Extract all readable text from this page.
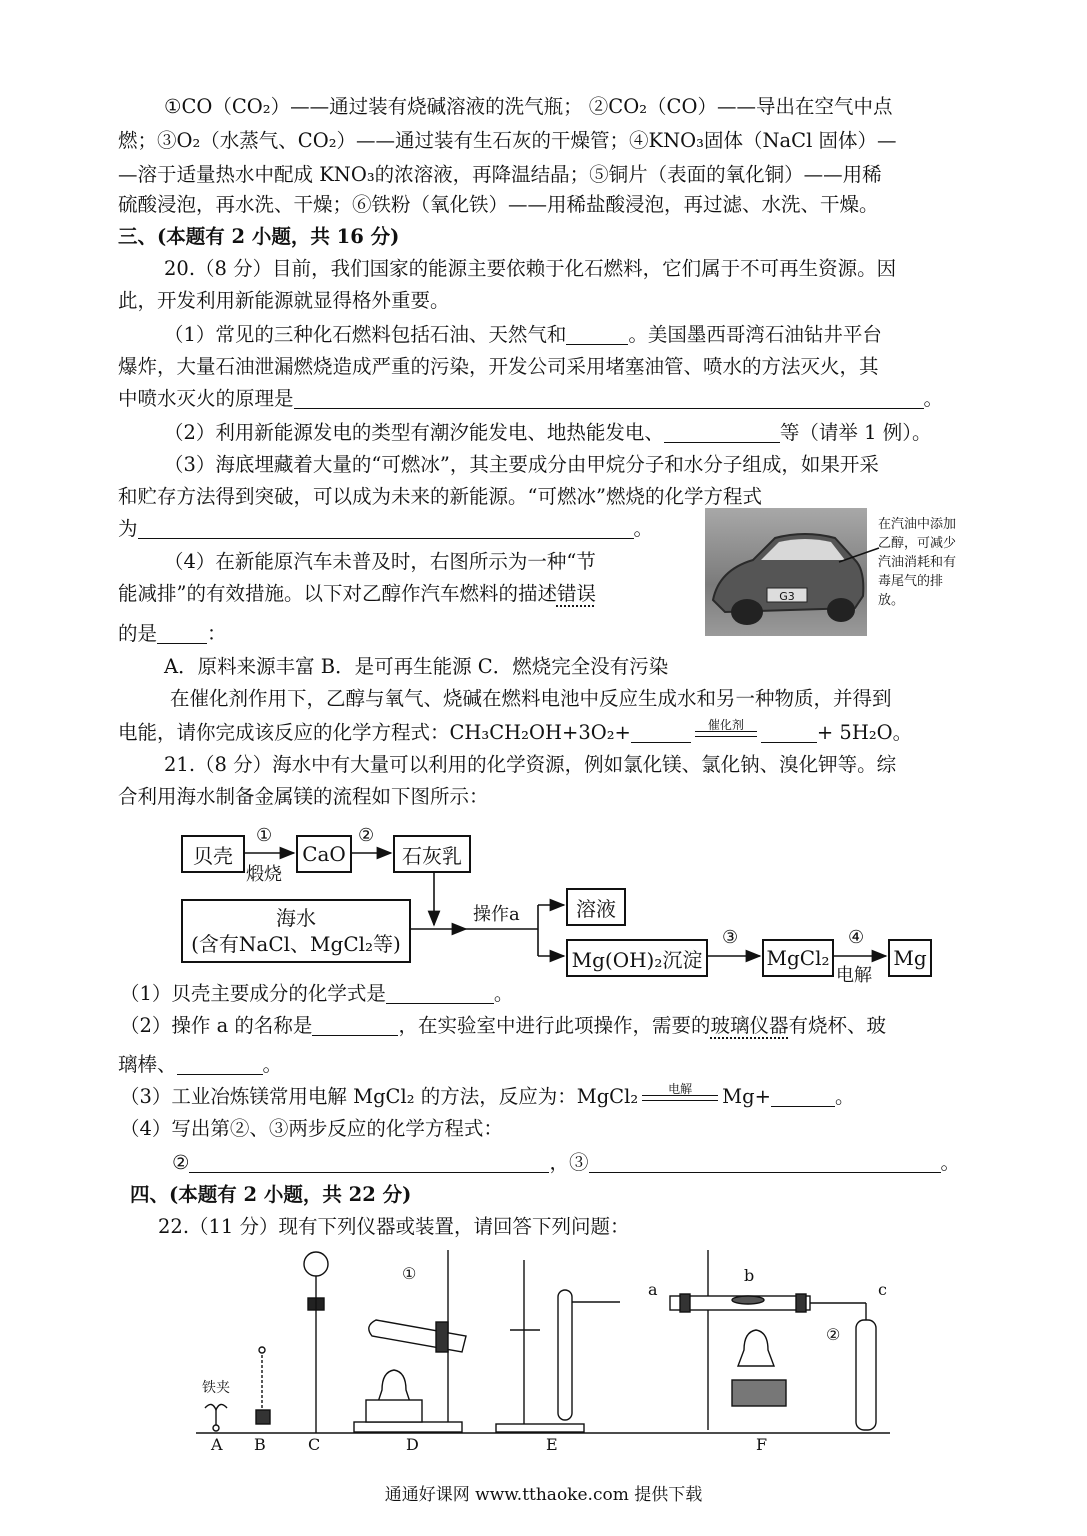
①CO（CO₂）——通过装有烧碱溶液的洗气瓶； ②CO₂（CO）——导出在空气中点
燃；③O₂（水蒸气、CO₂）——通过装有生石灰的干燥管；④KNO₃固体（NaCl 固体）—
—溶于适量热水中配成 KNO₃的浓溶液，再降温结晶；⑤铜片（表面的氧化铜）——用稀
硫酸浸泡，再水洗、干燥；⑥铁粉（氧化铁）——用稀盐酸浸泡，再过滤、水洗、干燥。
三、(本题有 2 小题，共 16 分)
20.（8 分）目前，我们国家的能源主要依赖于化石燃料，它们属于不可再生资源。因
此，开发利用新能源就显得格外重要。
（1）常见的三种化石燃料包括石油、天然气和	。美国墨西哥湾石油钻井平台
爆炸，大量石油泄漏燃烧造成严重的污染，开发公司采用堵塞油管、喷水的方法灭火，其
中喷水灭火的原理是	。
（2）利用新能源发电的类型有潮汐能发电、地热能发电、	等（请举 1 例）。
（3）海底埋藏着大量的“可燃冰”，其主要成分由甲烷分子和水分子组成，如果开采
和贮存方法得到突破，可以成为未来的新能源。“可燃冰”燃烧的化学方程式
为	。
（4）在新能原汽车未普及时，右图所示为一种“节
能减排”的有效措施。以下对乙醇作汽车燃料的描述错误
的是	：
G3
在汽油中添加乙醇，可减少汽油消耗和有毒尾气的排放。
A．原料来源丰富 B．是可再生能源 C．燃烧完全没有污染
在催化剂作用下，乙醇与氧气、烧碱在燃料电池中反应生成水和另一种物质，并得到
电能，请你完成该反应的化学方程式：CH₃CH₂OH+3O₂+	催化剂	+ 5H₂O。
21.（8 分）海水中有大量可以利用的化学资源，例如氯化镁、氯化钠、溴化钾等。综
合利用海水制备金属镁的流程如下图所示：
贝壳	CaO	石灰乳
海水
(含有NaCl、MgCl₂等)
溶液
Mg(OH)₂沉淀	MgCl₂	Mg
①
煅烧
②
操作a
③	④
电解
（1）贝壳主要成分的化学式是	。
（2）操作 a 的名称是	，在实验室中进行此项操作，需要的玻璃仪器有烧杯、玻
璃棒、	。
（3）工业冶炼镁常用电解 MgCl₂ 的方法，反应为：MgCl₂	电解	Mg+	。
（4）写出第②、③两步反应的化学方程式：
②	，③	。
四、(本题有 2 小题，共 22 分)
22.（11 分）现有下列仪器或装置，请回答下列问题：
铁夹
A B	C	D	E	F
①
②
a
b
c
通通好课网 www.tthaoke.com 提供下载
